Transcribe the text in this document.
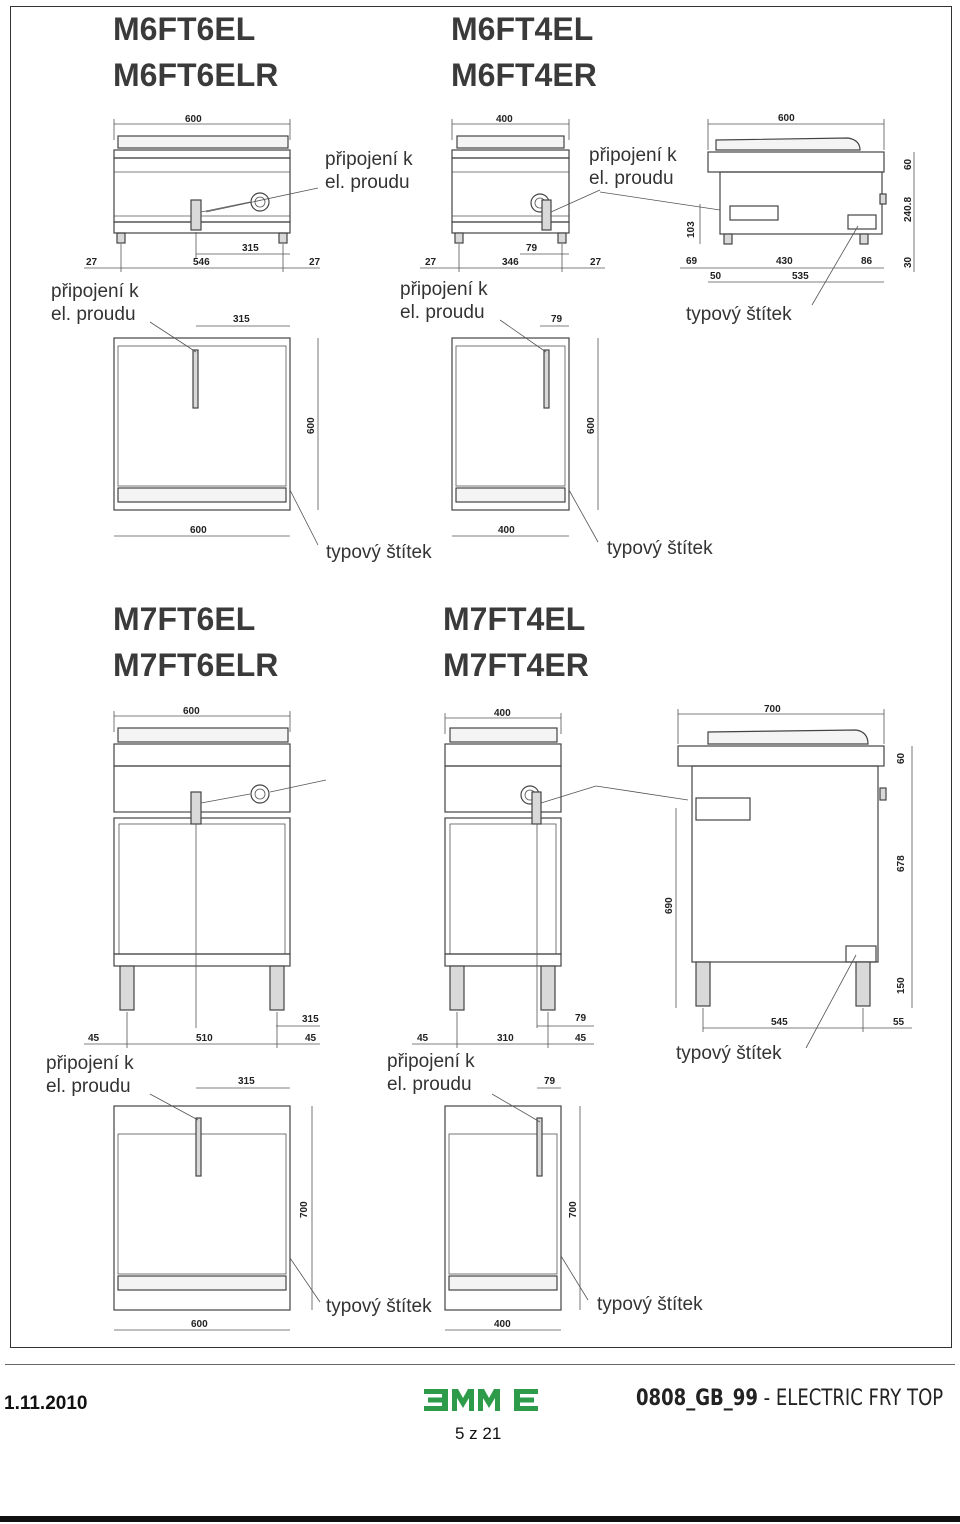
M6FT6EL
M6FT6ELR
M6FT4EL
M6FT4ER
M7FT6EL
M7FT6ELR
M7FT4EL
M7FT4ER
připojení k
el. proudu
připojení k
el. proudu
připojení k
el. proudu
připojení k
el. proudu	typový štítek
typový štítek	typový štítek
připojení k
el. proudu
připojení k
el. proudu
typový štítek
typový štítek	typový štítek
600
315
27	546	27
400
79
27	346	27
600
60
240.8
103
30
69	430	86
50	535
315
600
600
79
600
400
600
315
45	510	45
400
79
45	310	45
700
60
678
690
150
545	55
315
700
600
79
700
400
1.11.2010
5 z 21
0808_GB_99 - ELECTRIC FRY TOP
